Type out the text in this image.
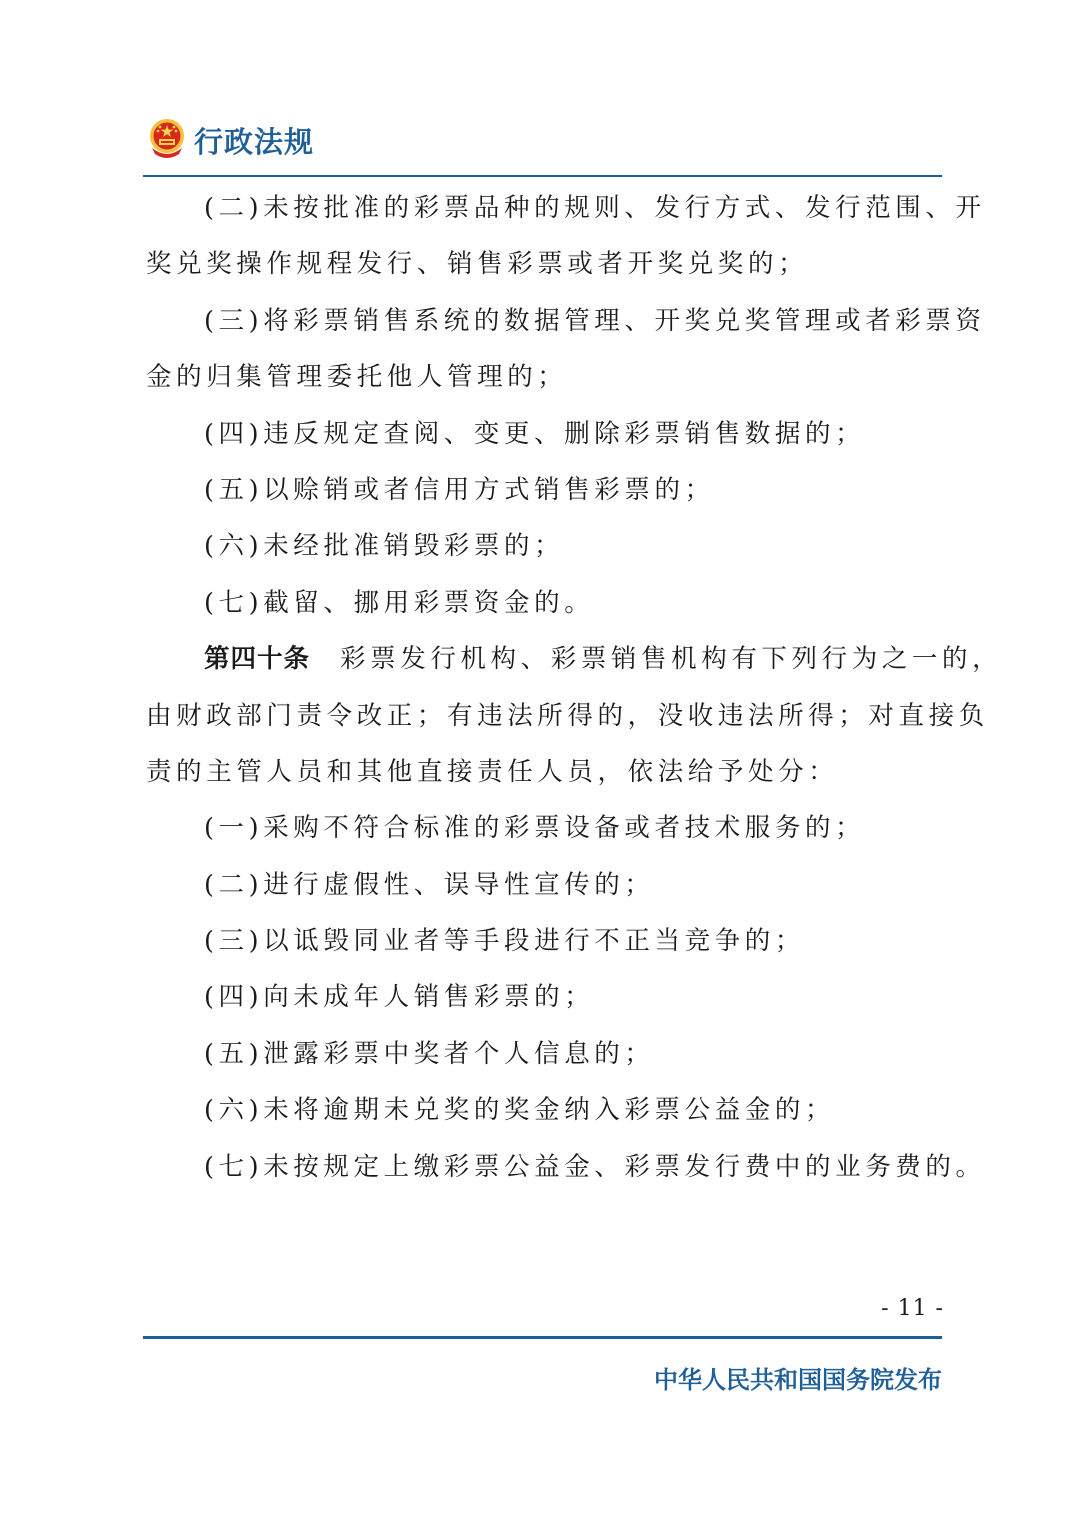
行政法规
(二)未按批准的彩票品种的规则、发行方式、发行范围、开
奖兑奖操作规程发行、销售彩票或者开奖兑奖的；
(三)将彩票销售系统的数据管理、开奖兑奖管理或者彩票资
金的归集管理委托他人管理的；
(四)违反规定查阅、变更、删除彩票销售数据的；
(五)以赊销或者信用方式销售彩票的；
(六)未经批准销毁彩票的；
(七)截留、挪用彩票资金的。
第四十条 彩票发行机构、彩票销售机构有下列行为之一的，
由财政部门责令改正；有违法所得的，没收违法所得；对直接负
责的主管人员和其他直接责任人员，依法给予处分：
(一)采购不符合标准的彩票设备或者技术服务的；
(二)进行虚假性、误导性宣传的；
(三)以诋毁同业者等手段进行不正当竞争的；
(四)向未成年人销售彩票的；
(五)泄露彩票中奖者个人信息的；
(六)未将逾期未兑奖的奖金纳入彩票公益金的；
(七)未按规定上缴彩票公益金、彩票发行费中的业务费的。
- 11 -
中华人民共和国国务院发布
